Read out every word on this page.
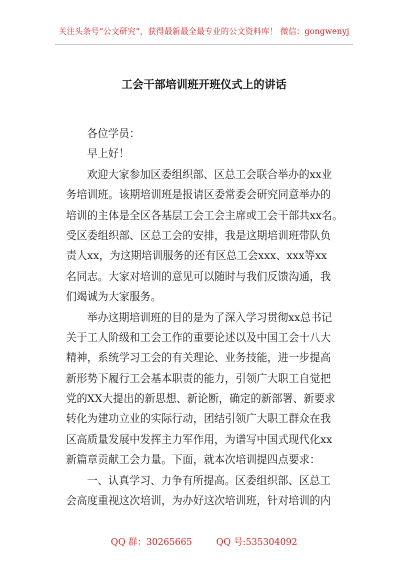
关注头条号“公文研究”，获得最新最全最专业的公文资料库！ 微信：gongwenyj
工会干部培训班开班仪式上的讲话
各位学员：
早上好！
欢迎大家参加区委组织部、区总工会联合举办的xx业
务培训班。该期培训班是报请区委常委会研究同意举办的
培训的主体是全区各基层工会工会主席或工会干部共xx名。
受区委组织部、区总工会的安排，我是这期培训班带队负
责人xx，为这期培训服务的还有区总工会xxx、xxx等xx
名同志。大家对培训的意见可以随时与我们反馈沟通，我
们竭诚为大家服务。
举办这期培训班的目的是为了深入学习贯彻xx总书记
关于工人阶级和工会工作的重要论述以及中国工会十八大
精神，系统学习工会的有关理论、业务技能，进一步提高
新形势下履行工会基本职责的能力，引领广大职工自觉把
党的XX大提出的新思想、新论断，确定的新部署、新要求
转化为建功立业的实际行动，团结引领广大职工群众在我
区高质量发展中发挥主力军作用，为谱写中国式现代化xx
新篇章贡献工会力量。下面，就本次培训提四点要求：
一、认真学习、力争有所提高。区委组织部、区总工
会高度重视这次培训，为办好这次培训班，针对培训的内
QQ 群：30265665	QQ 号:535304092
